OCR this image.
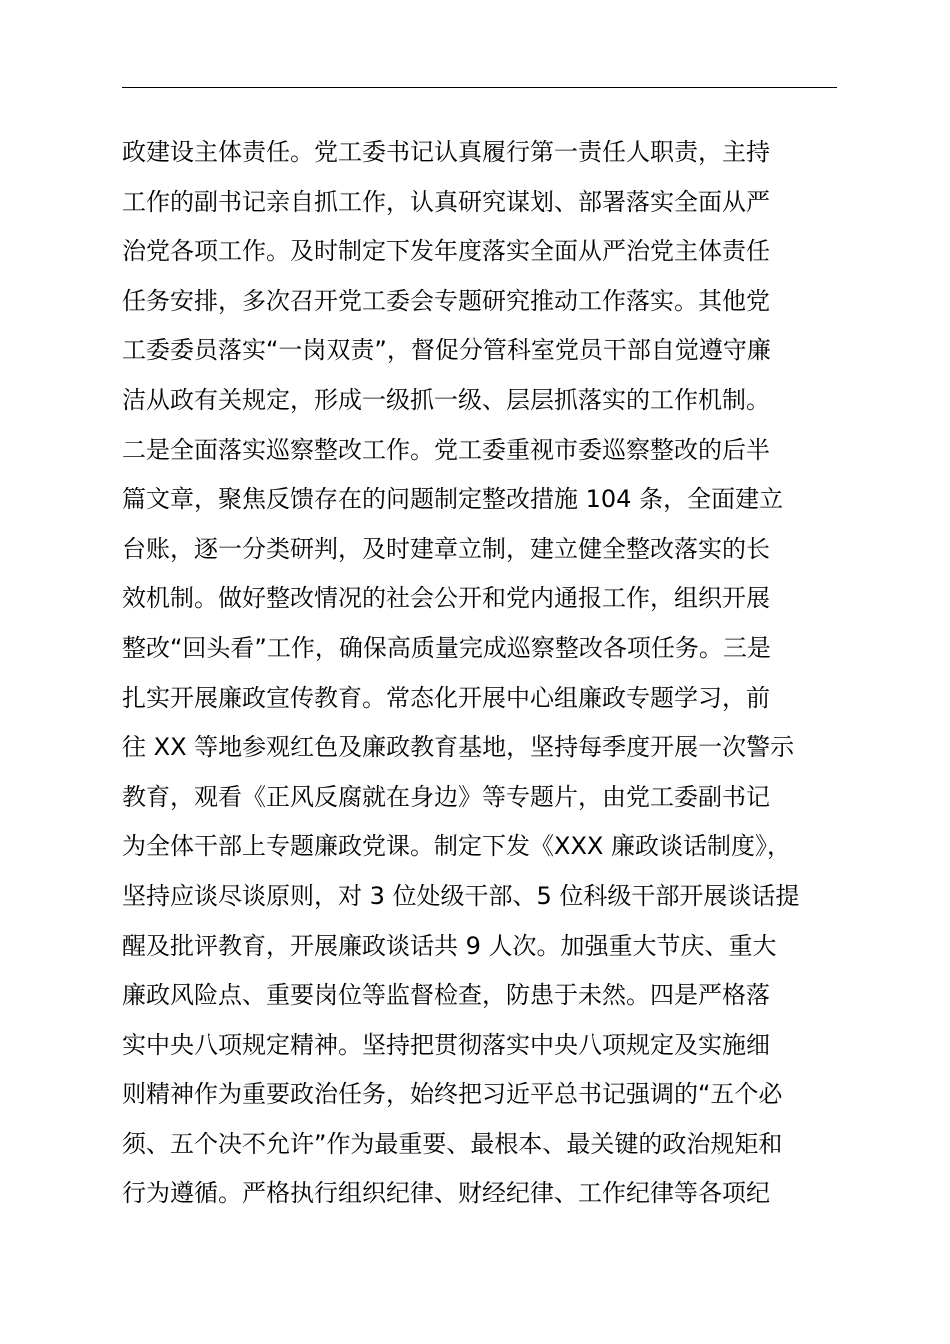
政建设主体责任。党工委书记认真履行第一责任人职责，主持
工作的副书记亲自抓工作，认真研究谋划、部署落实全面从严
治党各项工作。及时制定下发年度落实全面从严治党主体责任
任务安排，多次召开党工委会专题研究推动工作落实。其他党
工委委员落实“一岗双责”，督促分管科室党员干部自觉遵守廉
洁从政有关规定，形成一级抓一级、层层抓落实的工作机制。
二是全面落实巡察整改工作。党工委重视市委巡察整改的后半
篇文章，聚焦反馈存在的问题制定整改措施 104 条，全面建立
台账，逐一分类研判，及时建章立制，建立健全整改落实的长
效机制。做好整改情况的社会公开和党内通报工作，组织开展
整改“回头看”工作，确保高质量完成巡察整改各项任务。三是
扎实开展廉政宣传教育。常态化开展中心组廉政专题学习，前
往 XX 等地参观红色及廉政教育基地，坚持每季度开展一次警示
教育，观看《正风反腐就在身边》等专题片，由党工委副书记
为全体干部上专题廉政党课。制定下发《XXX 廉政谈话制度》，
坚持应谈尽谈原则，对 3 位处级干部、5 位科级干部开展谈话提
醒及批评教育，开展廉政谈话共 9 人次。加强重大节庆、重大
廉政风险点、重要岗位等监督检查，防患于未然。四是严格落
实中央八项规定精神。坚持把贯彻落实中央八项规定及实施细
则精神作为重要政治任务，始终把习近平总书记强调的“五个必
须、五个决不允许”作为最重要、最根本、最关键的政治规矩和
行为遵循。严格执行组织纪律、财经纪律、工作纪律等各项纪
